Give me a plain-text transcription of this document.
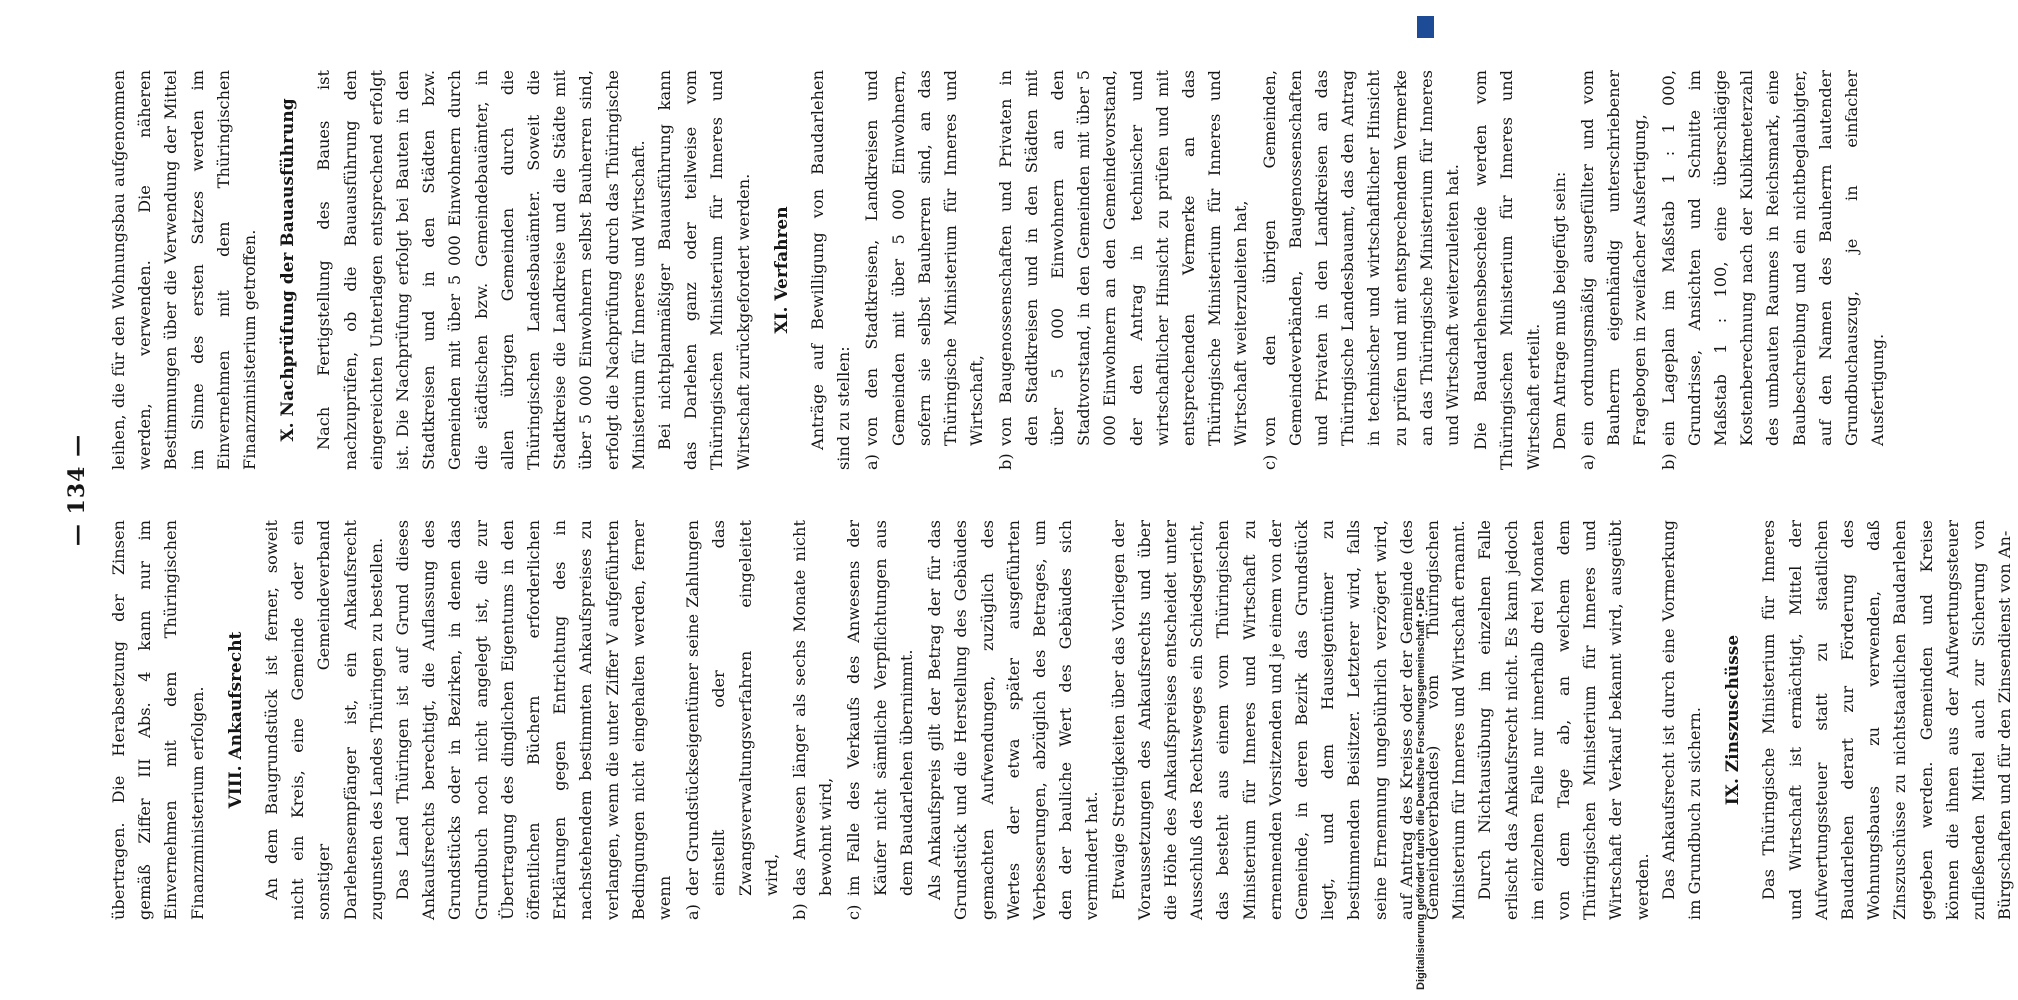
— 134 —

übertragen. Die Herabsetzung der Zinsen gemäß Ziffer III Abs. 4 kann nur im Einvernehmen mit dem Thüringischen Finanzministerium erfolgen. VIII. Ankaufsrecht An dem Baugrundstück ist ferner, soweit nicht ein Kreis, eine Gemeinde oder ein sonstiger Gemeindeverband Darlehensempfänger ist, ein Ankaufsrecht zugunsten des Landes Thüringen zu bestellen. Das Land Thüringen ist auf Grund dieses Ankaufsrechts berechtigt, die Auflassung des Grundstücks oder in Bezirken, in denen das Grundbuch noch nicht angelegt ist, die zur Übertragung des dinglichen Eigentums in den öffentlichen Büchern erforderlichen Erklärungen gegen Entrichtung des in nachstehendem bestimmten Ankaufspreises zu verlangen, wenn die unter Ziffer V aufgeführten Bedingungen nicht eingehalten werden, ferner wenn a)
der Grundstückseigentümer seine Zahlungen einstellt oder das Zwangsverwaltungsverfahren eingeleitet wird,
b)
das Anwesen länger als sechs Monate nicht bewohnt wird,
c)
im Falle des Verkaufs des Anwesens der Käufer nicht sämtliche Verpflichtungen aus dem Baudarlehen übernimmt. Als Ankaufspreis gilt der Betrag der für das Grundstück und die Herstellung des Gebäudes gemachten Aufwendungen, zuzüglich des Wertes der etwa später ausgeführten Verbesserungen, abzüglich des Betrages, um den der bauliche Wert des Gebäudes sich vermindert hat. Etwaige Streitigkeiten über das Vorliegen der Voraussetzungen des Ankaufsrechts und über die Höhe des Ankaufspreises entscheidet unter Ausschluß des Rechtsweges ein Schiedsgericht, das besteht aus einem vom Thüringischen Ministerium für Inneres und Wirtschaft zu ernennenden Vorsitzenden und je einem von der Gemeinde, in deren Bezirk das Grundstück liegt, und dem Hauseigentümer zu bestimmenden Beisitzer. Letzterer wird, falls seine Ernennung ungebührlich verzögert wird, auf Antrag des Kreises oder der Gemeinde (des Gemeindeverbandes) vom Thüringischen Ministerium für Inneres und Wirtschaft ernannt. Durch Nichtausübung im einzelnen Falle erlischt das Ankaufsrecht nicht. Es kann jedoch im einzelnen Falle nur innerhalb drei Monaten von dem Tage ab, an welchem dem Thüringischen Ministerium für Inneres und Wirtschaft der Verkauf bekannt wird, ausgeübt werden. Das Ankaufsrecht ist durch eine Vormerkung im Grundbuch zu sichern. IX. Zinszuschüsse Das Thüringische Ministerium für Inneres und Wirtschaft ist ermächtigt, Mittel der Aufwertungssteuer statt zu staatlichen Baudarlehen derart zur Förderung des Wohnungsbaues zu verwenden, daß Zinszuschüsse zu nichtstaatlichen Baudarlehen gegeben werden. Gemeinden und Kreise können die ihnen aus der Aufwertungssteuer zufließenden Mittel auch zur Sicherung von Bürgschaften und für den Zinsendienst von An-

leihen, die für den Wohnungsbau aufgenommen werden, verwenden. Die näheren Bestimmungen über die Verwendung der Mittel im Sinne des ersten Satzes werden im Einvernehmen mit dem Thüringischen Finanzministerium getroffen. X. Nachprüfung der Bauausführung Nach Fertigstellung des Baues ist nachzuprüfen, ob die Bauausführung den eingereichten Unterlagen entsprechend erfolgt ist. Die Nachprüfung erfolgt bei Bauten in den Stadtkreisen und in den Städten bzw. Gemeinden mit über 5 000 Einwohnern durch die städtischen bzw. Gemeindebauämter, in allen übrigen Gemeinden durch die Thüringischen Landesbauämter. Soweit die Stadtkreise die Landkreise und die Städte mit über 5 000 Einwohnern selbst Bauherren sind, erfolgt die Nachprüfung durch das Thüringische Ministerium für Inneres und Wirtschaft. Bei nichtplanmäßiger Bauausführung kann das Darlehen ganz oder teilweise vom Thüringischen Ministerium für Inneres und Wirtschaft zurückgefordert werden. XI. Verfahren Anträge auf Bewilligung von Baudarlehen sind zu stellen: a)
von den Stadtkreisen, Landkreisen und Gemeinden mit über 5 000 Einwohnern, sofern sie selbst Bauherren sind, an das Thüringische Ministerium für Inneres und Wirtschaft,
b)
von Baugenossenschaften und Privaten in den Stadtkreisen und in den Städten mit über 5 000 Einwohnern an den Stadtvorstand, in den Gemeinden mit über 5 000 Einwohnern an den Gemeindevorstand, der den Antrag in technischer und wirtschaftlicher Hinsicht zu prüfen und mit entsprechenden Vermerke an das Thüringische Ministerium für Inneres und Wirtschaft weiterzuleiten hat,
c)
von den übrigen Gemeinden, Gemeindeverbänden, Baugenossenschaften und Privaten in den Landkreisen an das Thüringische Landesbauamt, das den Antrag in technischer und wirtschaftlicher Hinsicht zu prüfen und mit entsprechendem Vermerke an das Thüringische Ministerium für Inneres und Wirtschaft weiterzuleiten hat. Die Baudarlehensbescheide werden vom Thüringischen Ministerium für Inneres und Wirtschaft erteilt. Dem Antrage muß beigefügt sein:

a)
ein ordnungsmäßig ausgefüllter und vom Bauherrn eigenhändig unterschriebener Fragebogen in zweifacher Ausfertigung,
b)
ein Lageplan im Maßstab 1 : 1 000, Grundrisse, Ansichten und Schnitte im Maßstab 1 : 100, eine überschlägige Kostenberechnung nach der Kubikmeterzahl des umbauten Raumes in Reichsmark, eine Baubeschreibung und ein nichtbeglaubigter, auf den Namen des Bauherrn lautender Grundbuchauszug, je in einfacher Ausfertigung.
Digitalisierung gefördert durch die Deutsche Forschungsgemeinschaft • DFG
